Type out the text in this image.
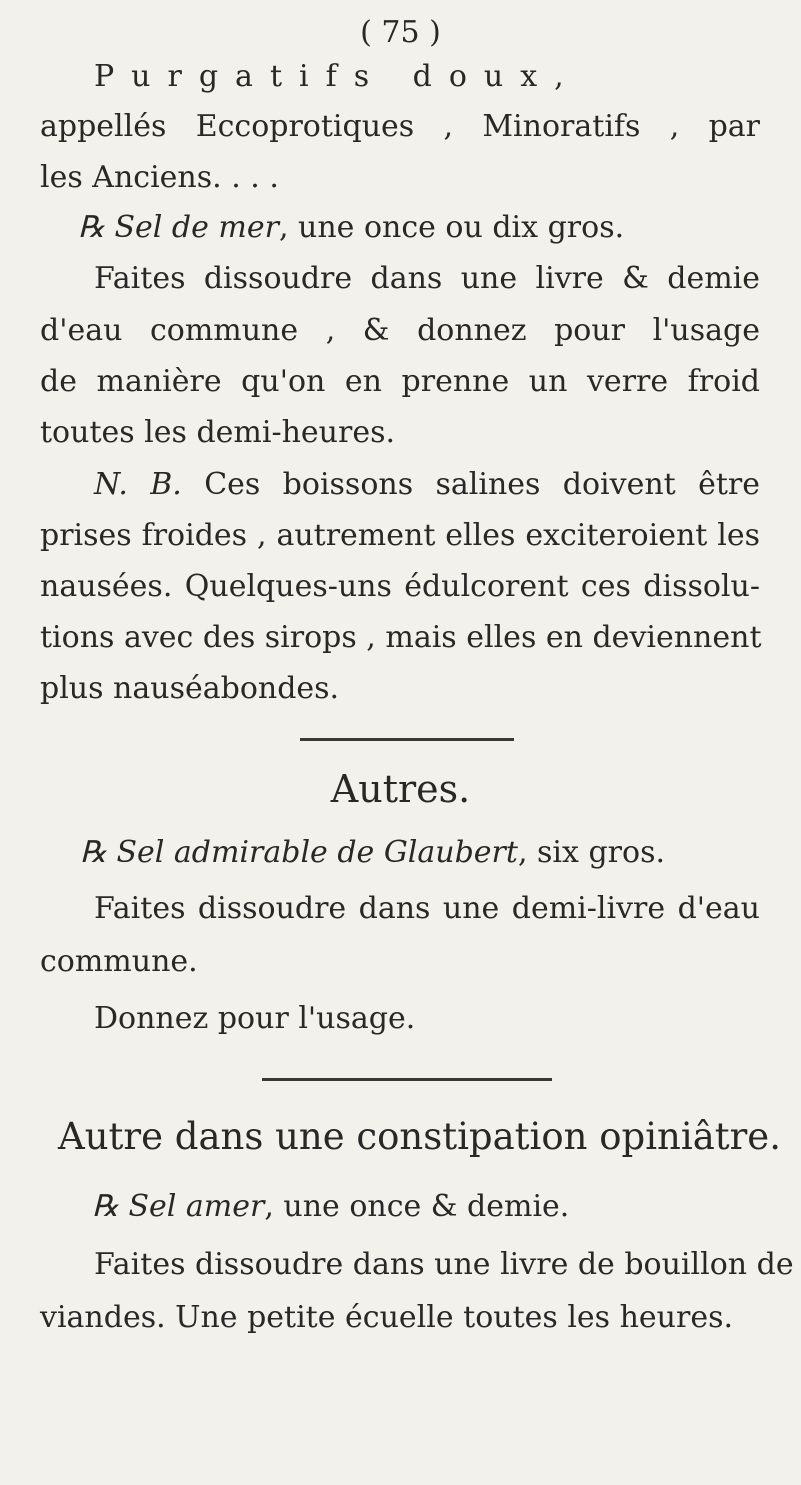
( 75 )
Purgatifs doux,
appellés Eccoprotiques , Minoratifs , par
les Anciens. . . .
℞ Sel de mer, une once ou dix gros.
Faites dissoudre dans une livre & demie
d'eau commune , & donnez pour l'usage
de manière qu'on en prenne un verre froid
toutes les demi-heures.
N. B. Ces boissons salines doivent être
prises froides , autrement elles exciteroient les
nausées. Quelques-uns édulcorent ces dissolu-
tions avec des sirops , mais elles en deviennent
plus nauséabondes.
Autres.
℞ Sel admirable de Glaubert, six gros.
Faites dissoudre dans une demi-livre d'eau
commune.
Donnez pour l'usage.
Autre dans une constipation opiniâtre.
℞ Sel amer, une once & demie.
Faites dissoudre dans une livre de bouillon de
viandes. Une petite écuelle toutes les heures.
